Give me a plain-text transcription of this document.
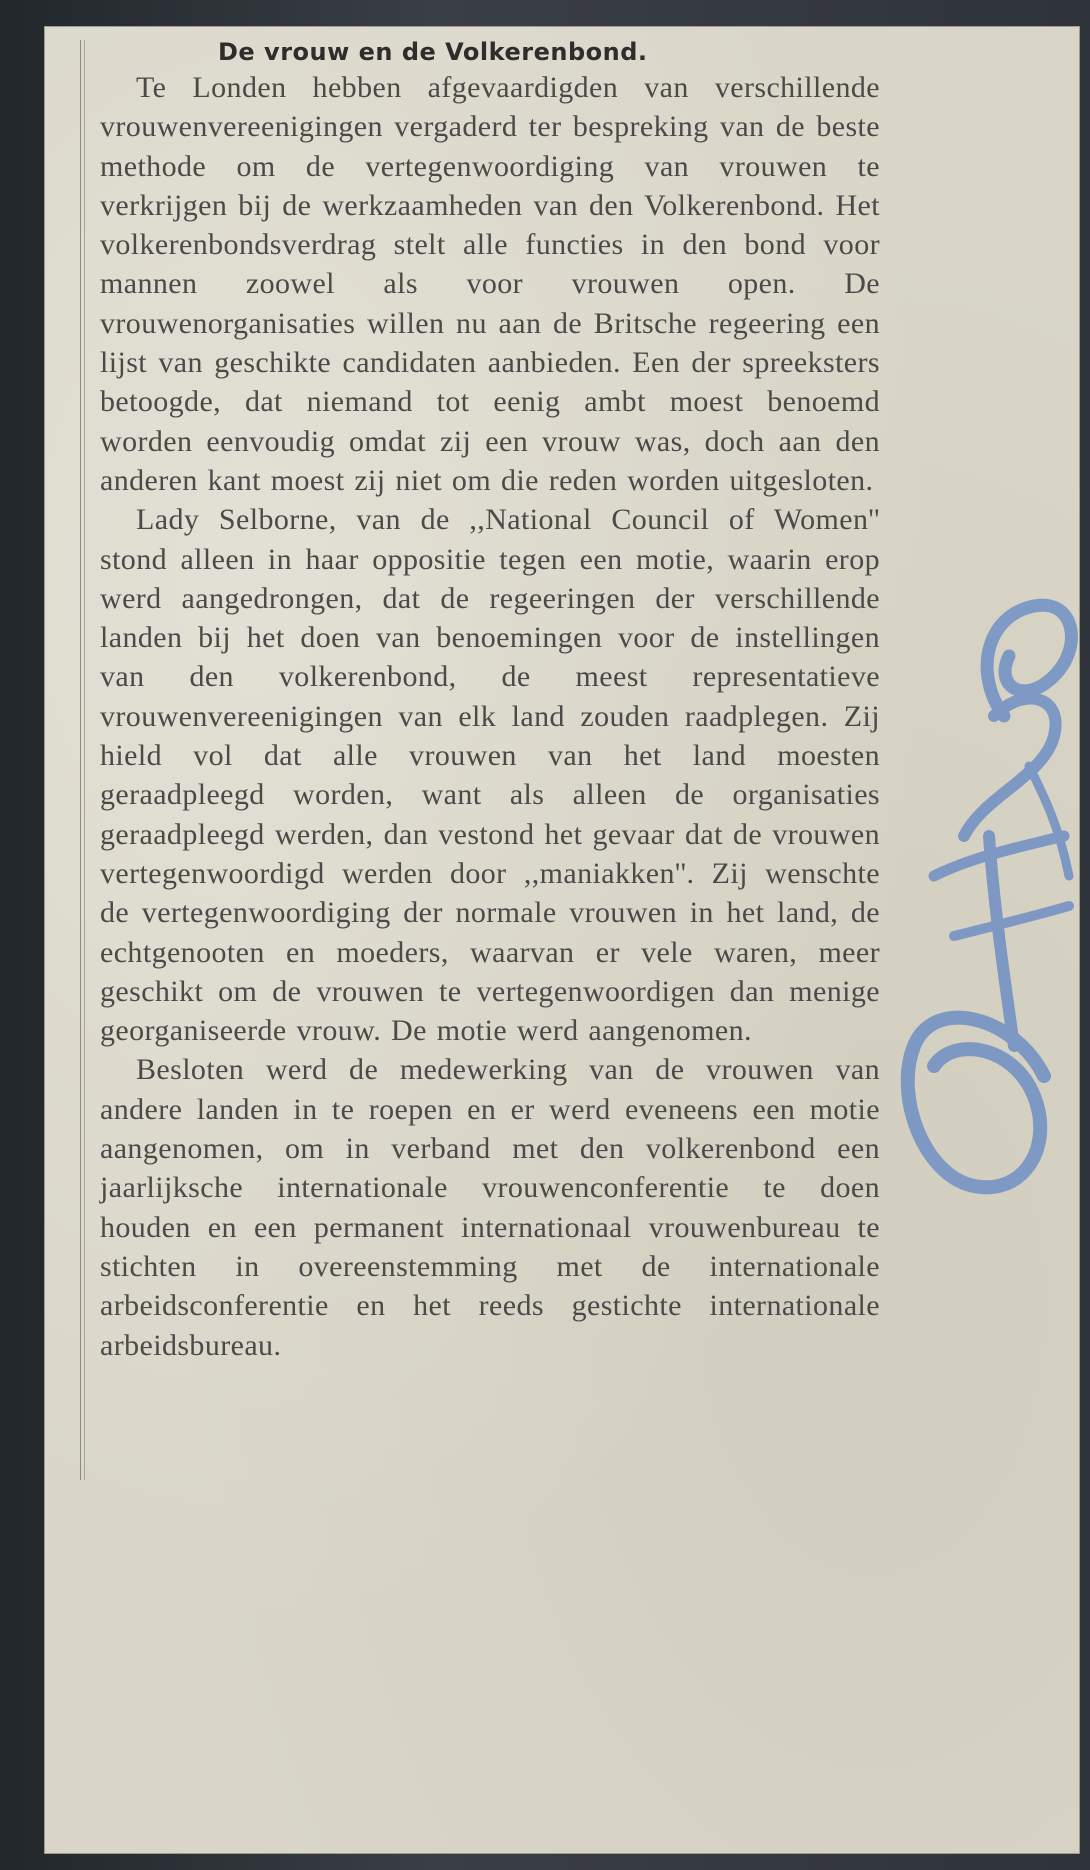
De vrouw en de Volkerenbond.

Te Londen hebben afgevaardigden van verschillende vrouwenvereenigingen vergaderd ter bespreking van de beste methode om de vertegenwoordiging van vrouwen te verkrijgen bij de werkzaamheden van den Volkerenbond. Het volkerenbondsverdrag stelt alle functies in den bond voor mannen zoowel als voor vrouwen open. De vrouwenorganisaties willen nu aan de Britsche regeering een lijst van geschikte candidaten aanbieden. Een der spreeksters betoogde, dat niemand tot eenig ambt moest benoemd worden eenvoudig omdat zij een vrouw was, doch aan den anderen kant moest zij niet om die reden worden uitgesloten.

Lady Selborne, van de ,,National Council of Women'' stond alleen in haar oppositie tegen een motie, waarin erop werd aangedrongen, dat de regeeringen der verschillende landen bij het doen van benoemingen voor de instellingen van den volkerenbond, de meest representatieve vrouwenvereenigingen van elk land zouden raadplegen. Zij hield vol dat alle vrouwen van het land moesten geraadpleegd worden, want als alleen de organisaties geraadpleegd werden, dan vestond het gevaar dat de vrouwen vertegenwoordigd werden door ,,maniakken''. Zij wenschte de vertegenwoordiging der normale vrouwen in het land, de echtgenooten en moeders, waarvan er vele waren, meer geschikt om de vrouwen te vertegenwoordigen dan menige georganiseerde vrouw. De motie werd aangenomen.

Besloten werd de medewerking van de vrouwen van andere landen in te roepen en er werd eveneens een motie aangenomen, om in verband met den volkerenbond een jaarlijksche internationale vrouwenconferentie te doen houden en een permanent internationaal vrouwenbureau te stichten in overeenstemming met de internationale arbeidsconferentie en het reeds gestichte internationale arbeidsbureau.
